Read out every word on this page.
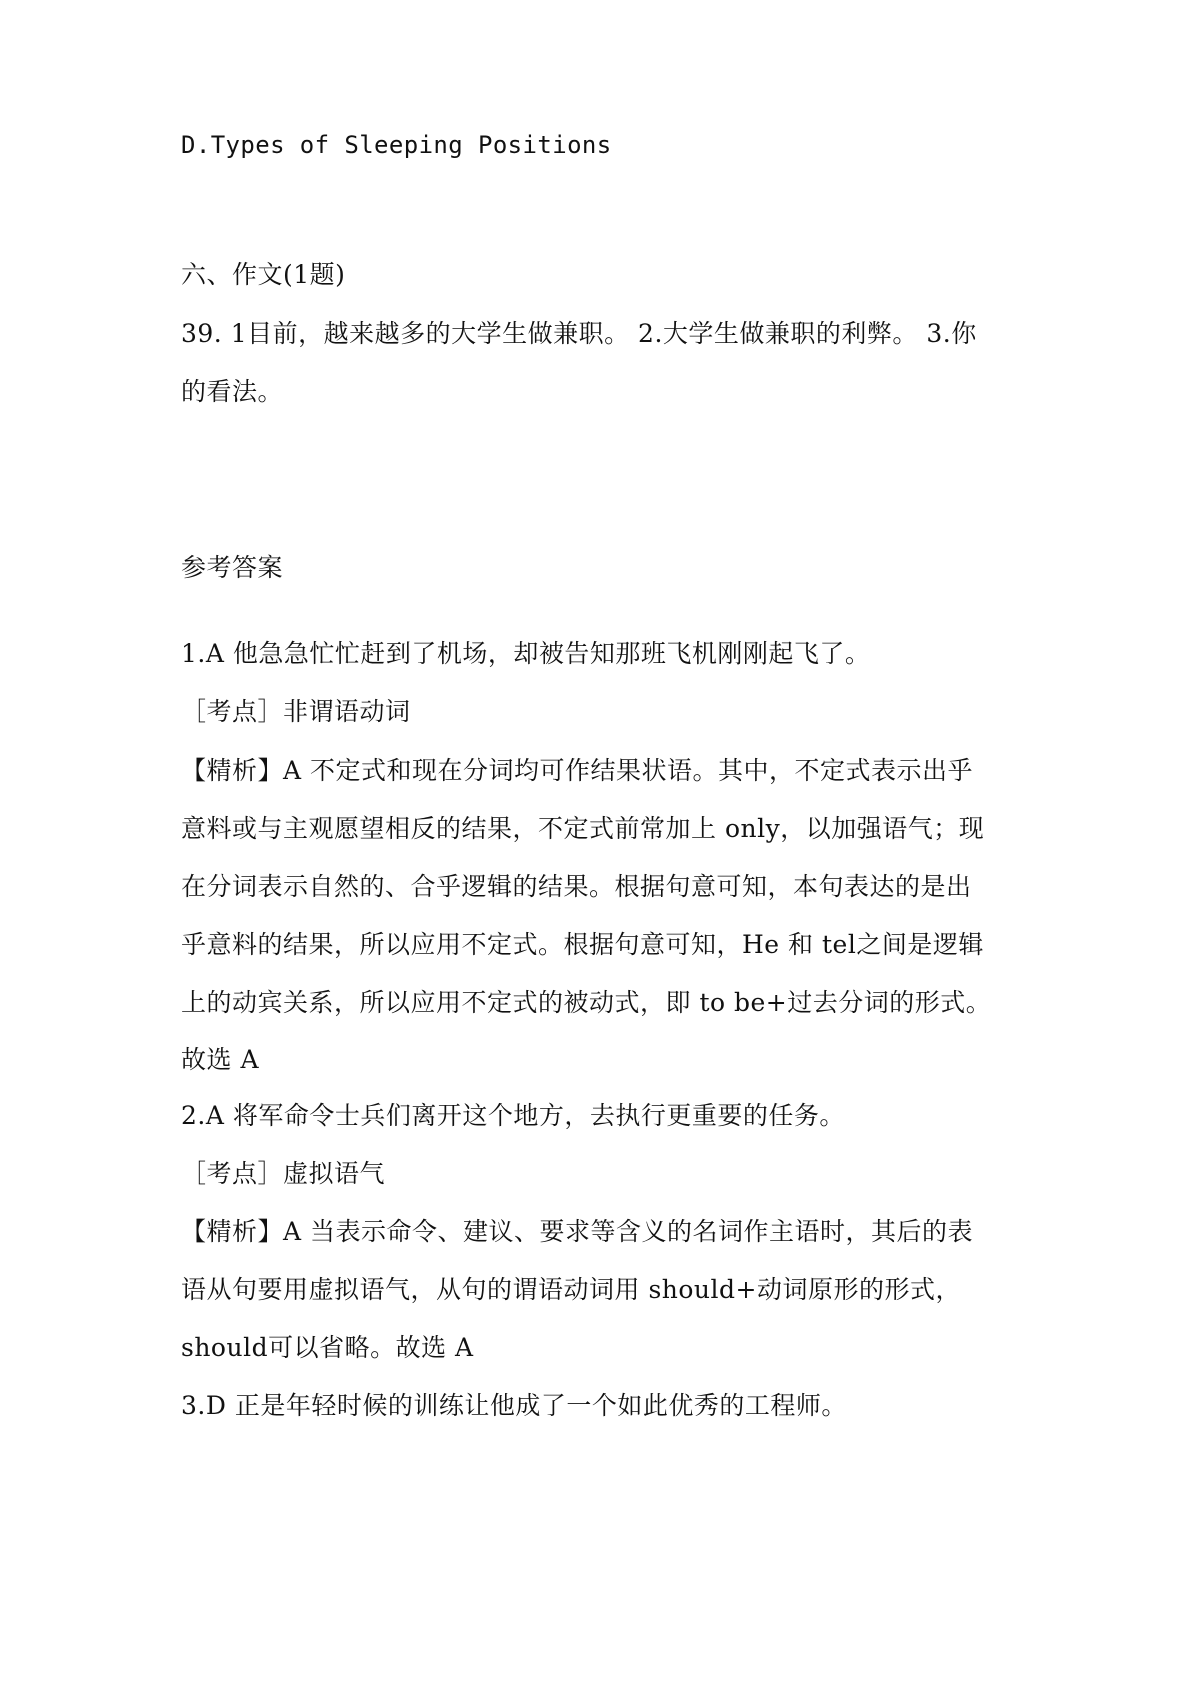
D.Types of Sleeping Positions
六、作文(1题)
39. 1目前，越来越多的大学生做兼职。 2.大学生做兼职的利弊。 3.你
的看法。
参考答案
1.A 他急急忙忙赶到了机场，却被告知那班飞机刚刚起飞了。
［考点］非谓语动词
【精析】A 不定式和现在分词均可作结果状语。其中，不定式表示出乎
意料或与主观愿望相反的结果，不定式前常加上 only，以加强语气；现
在分词表示自然的、合乎逻辑的结果。根据句意可知，本句表达的是出
乎意料的结果，所以应用不定式。根据句意可知，He 和 tel之间是逻辑
上的动宾关系，所以应用不定式的被动式，即 to be+过去分词的形式。
故选 A
2.A 将军命令士兵们离开这个地方，去执行更重要的任务。
［考点］虚拟语气
【精析】A 当表示命令、建议、要求等含义的名词作主语时，其后的表
语从句要用虚拟语气，从句的谓语动词用 should+动词原形的形式，
should可以省略。故选 A
3.D 正是年轻时候的训练让他成了一个如此优秀的工程师。
